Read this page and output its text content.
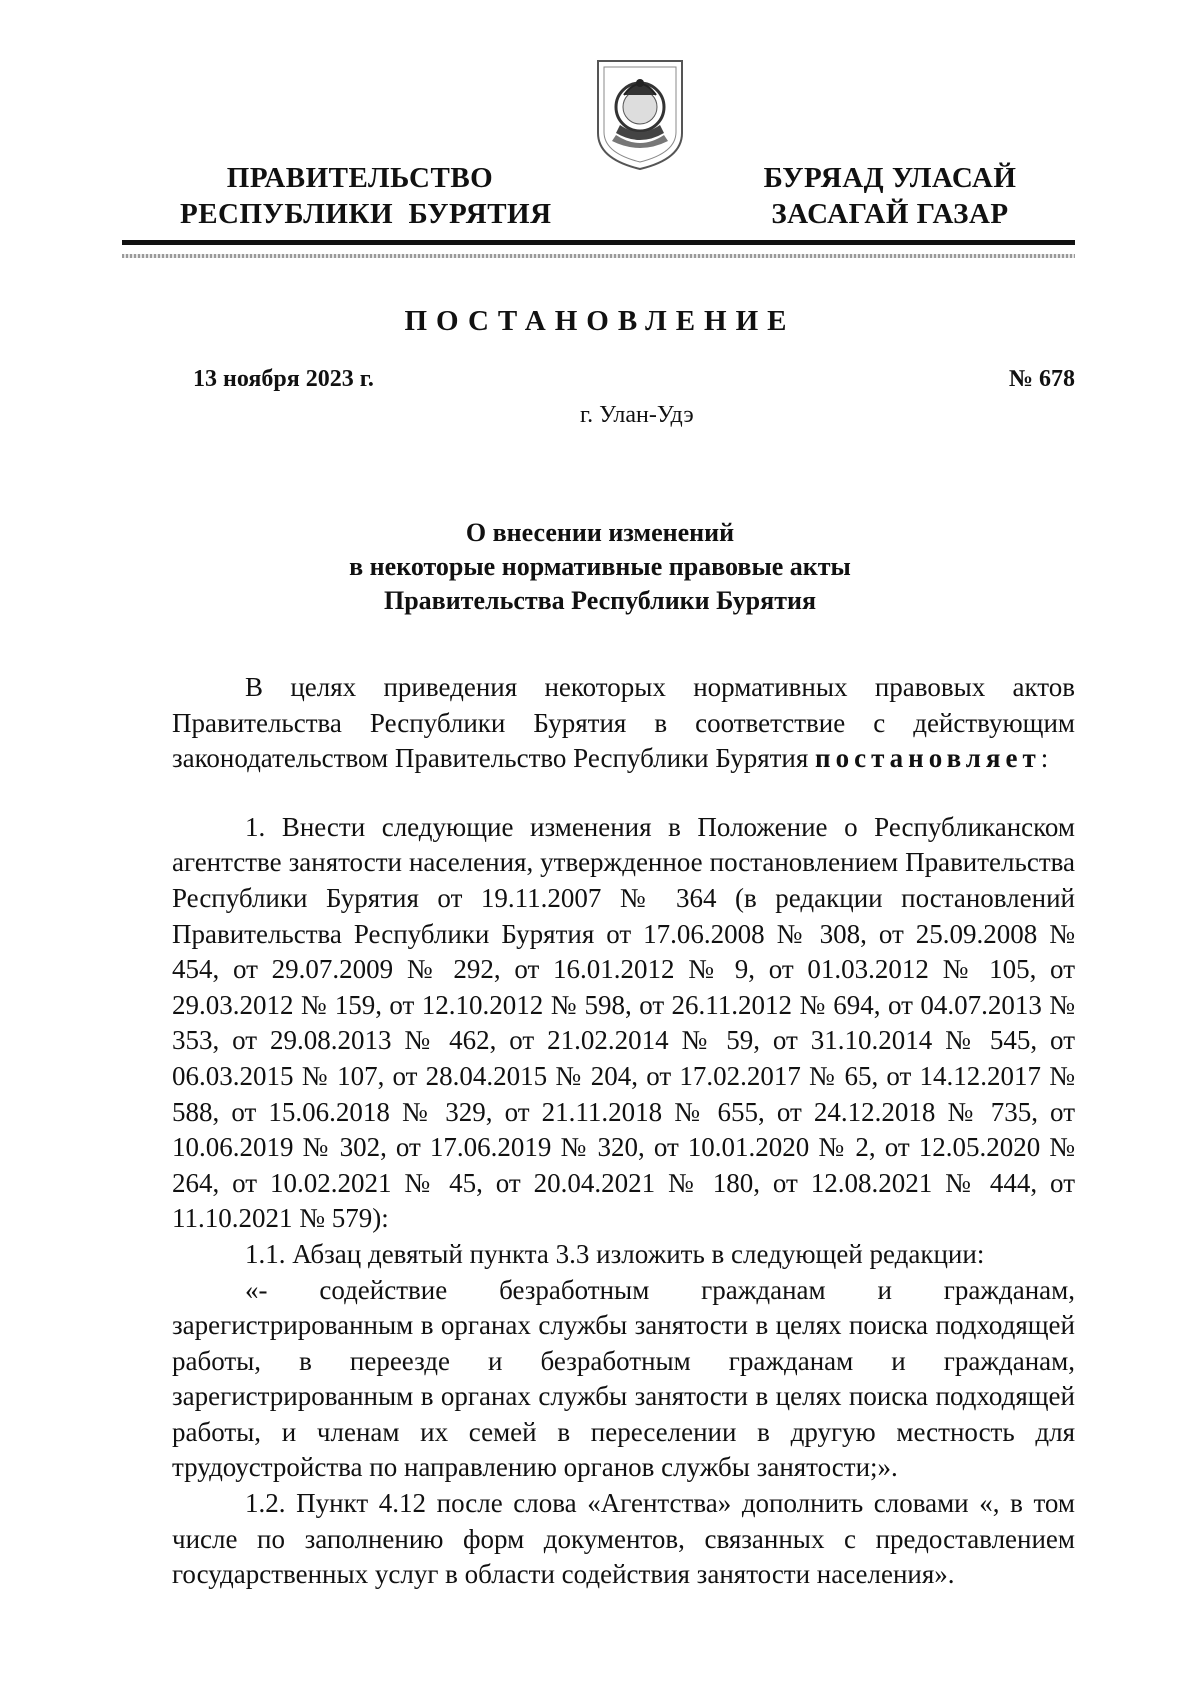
ПРАВИТЕЛЬСТВО
РЕСПУБЛИКИ  БУРЯТИЯ
БУРЯАД УЛАСАЙ
ЗАСАГАЙ ГАЗАР
ПОСТАНОВЛЕНИЕ
13 ноября 2023 г.	№ 678
г. Улан-Удэ
О внесении изменений
в некоторые нормативные правовые акты
Правительства Республики Бурятия

В целях приведения некоторых нормативных правовых актов Правительства Республики Бурятия в соответствие с действующим законодательством Правительство Республики Бурятия постановляет:

1. Внести следующие изменения в Положение о Республиканском агентстве занятости населения, утвержденное постановлением Правительства Республики Бурятия от 19.11.2007 № 364 (в редакции постановлений Правительства Республики Бурятия от 17.06.2008 № 308, от 25.09.2008 № 454, от 29.07.2009 № 292, от 16.01.2012 № 9, от 01.03.2012 № 105, от 29.03.2012 № 159, от 12.10.2012 № 598, от 26.11.2012 № 694, от 04.07.2013 № 353, от 29.08.2013 № 462, от 21.02.2014 № 59, от 31.10.2014 № 545, от 06.03.2015 № 107, от 28.04.2015 № 204, от 17.02.2017 № 65, от 14.12.2017 № 588, от 15.06.2018 № 329, от 21.11.2018 № 655, от 24.12.2018 № 735, от 10.06.2019 № 302, от 17.06.2019 № 320, от 10.01.2020 № 2, от 12.05.2020 № 264, от 10.02.2021 № 45, от 20.04.2021 № 180, от 12.08.2021 № 444, от 11.10.2021 № 579):

1.1. Абзац девятый пункта 3.3 изложить в следующей редакции:

«- содействие безработным гражданам и гражданам, зарегистрированным в органах службы занятости в целях поиска подходящей работы, в переезде и безработным гражданам и гражданам, зарегистрированным в органах службы занятости в целях поиска подходящей работы, и членам их семей в переселении в другую местность для трудоустройства по направлению органов службы занятости;».

1.2. Пункт 4.12 после слова «Агентства» дополнить словами «, в том числе по заполнению форм документов, связанных с предоставлением государственных услуг в области содействия занятости населения».
